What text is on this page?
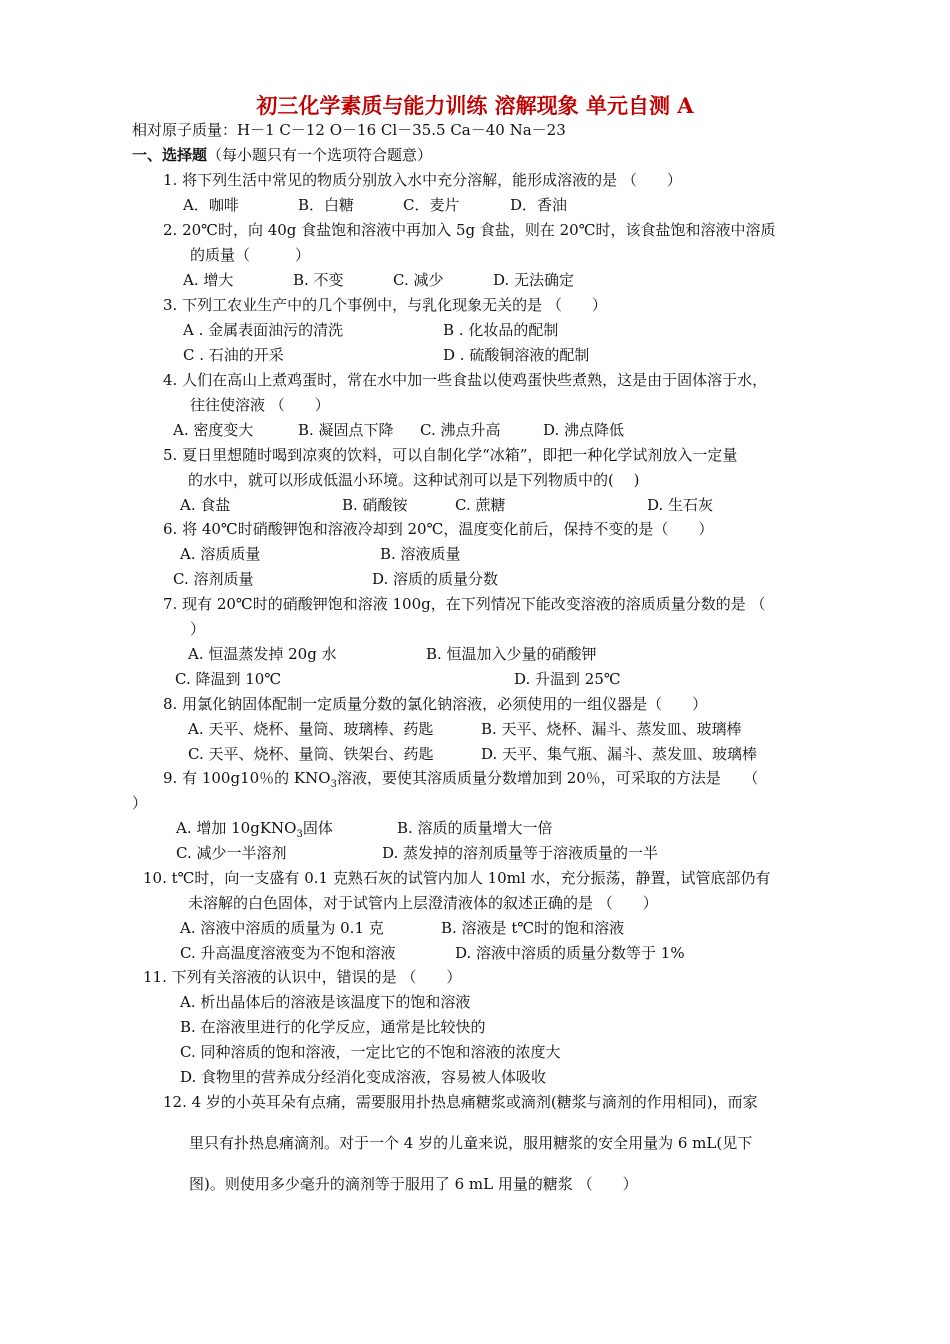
初三化学素质与能力训练 溶解现象 单元自测 A
相对原子质量：H－1 C－12 O－16 Cl－35.5 Ca－40 Na－23
一、选择题（每小题只有一个选项符合题意）
1. 将下列生活中常见的物质分别放入水中充分溶解，能形成溶液的是 （　　）
A．咖啡	B．白糖	C．麦片	D．香油
2. 20℃时，向 40g 食盐饱和溶液中再加入 5g 食盐，则在 20℃时，该食盐饱和溶液中溶质
的质量（　　　）
A. 增大	B. 不变	C. 减少	D. 无法确定
3. 下列工农业生产中的几个事例中，与乳化现象无关的是 （　　）
A . 金属表面油污的清洗	B . 化妆品的配制
C . 石油的开采	D . 硫酸铜溶液的配制
4. 人们在高山上煮鸡蛋时，常在水中加一些食盐以使鸡蛋快些煮熟，这是由于固体溶于水，
往往使溶液 （　　）
A. 密度变大	B. 凝固点下降 C. 沸点升高	D. 沸点降低
5. 夏日里想随时喝到凉爽的饮料，可以自制化学“冰箱”，即把一种化学试剂放入一定量
的水中，就可以形成低温小环境。这种试剂可以是下列物质中的(　 )
A. 食盐	B. 硝酸铵	C. 蔗糖	D. 生石灰
6. 将 40℃时硝酸钾饱和溶液冷却到 20℃，温度变化前后，保持不变的是（　　）
A. 溶质质量	B. 溶液质量
C. 溶剂质量	D. 溶质的质量分数
7. 现有 20℃时的硝酸钾饱和溶液 100g，在下列情况下能改变溶液的溶质质量分数的是 （
）
A. 恒温蒸发掉 20g 水	B. 恒温加入少量的硝酸钾
C. 降温到 10℃	D. 升温到 25℃
8. 用氯化钠固体配制一定质量分数的氯化钠溶液，必须使用的一组仪器是（　　）
A. 天平、烧杯、量筒、玻璃棒、药匙	B. 天平、烧杯、漏斗、蒸发皿、玻璃棒
C. 天平、烧杯、量筒、铁架台、药匙	D. 天平、集气瓶、漏斗、蒸发皿、玻璃棒
9. 有 100g10％的 $KNO_3$溶液，要使其溶质质量分数增加到 20％，可采取的方法是　　（
）
A. 增加 10gKNO$_3$固体	B. 溶质的质量增大一倍
C. 减少一半溶剂	D. 蒸发掉的溶剂质量等于溶液质量的一半
10. t℃时，向一支盛有 0.1 克熟石灰的试管内加人 10ml 水，充分振荡，静置，试管底部仍有
未溶解的白色固体，对于试管内上层澄清液体的叙述正确的是 （　　）
A. 溶液中溶质的质量为 0.1 克	B. 溶液是 t℃时的饱和溶液
C. 升高温度溶液变为不饱和溶液	D. 溶液中溶质的质量分数等于 1%
11. 下列有关溶液的认识中，错误的是 （　　）
A. 析出晶体后的溶液是该温度下的饱和溶液
B. 在溶液里进行的化学反应，通常是比较快的
C. 同种溶质的饱和溶液，一定比它的不饱和溶液的浓度大
D. 食物里的营养成分经消化变成溶液，容易被人体吸收
12. 4 岁的小英耳朵有点痛，需要服用扑热息痛糖浆或滴剂(糖浆与滴剂的作用相同)，而家
里只有扑热息痛滴剂。对于一个 4 岁的儿童来说，服用糖浆的安全用量为 6 mL(见下
图)。则使用多少毫升的滴剂等于服用了 6 mL 用量的糖浆 （　　）
